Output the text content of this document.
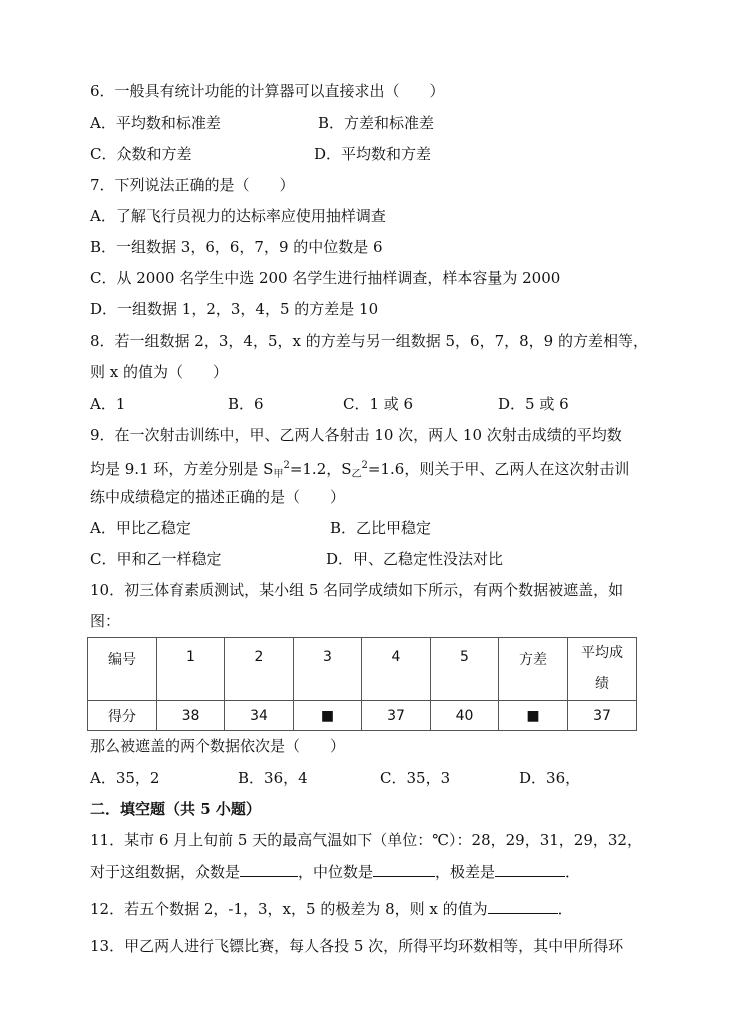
6．一般具有统计功能的计算器可以直接求出（　　）
A．平均数和标准差	B．方差和标准差
C．众数和方差	D．平均数和方差
7．下列说法正确的是（　　）
A．了解飞行员视力的达标率应使用抽样调查
B．一组数据 3，6，6，7，9 的中位数是 6
C．从 2000 名学生中选 200 名学生进行抽样调查，样本容量为 2000
D．一组数据 1，2，3，4，5 的方差是 10
8．若一组数据 2，3，4，5，x 的方差与另一组数据 5，6，7，8，9 的方差相等，
则 x 的值为（　　）
A．1	B．6	C．1 或 6	D．5 或 6
9．在一次射击训练中，甲、乙两人各射击 10 次，两人 10 次射击成绩的平均数
均是 9.1 环，方差分别是 $S_甲^2=1.2$，$S_乙^2=1.6$，则关于甲、乙两人在这次射击训
练中成绩稳定的描述正确的是（　　）
A．甲比乙稳定	B．乙比甲稳定
C．甲和乙一样稳定	D．甲、乙稳定性没法对比
10．初三体育素质测试，某小组 5 名同学成绩如下所示，有两个数据被遮盖，如
图：
编号	1	2	3	4	5	方差	平均成
绩

得分	38	34	■	37	40	■	37
那么被遮盖的两个数据依次是（　　）
A．35，2	B．36，4	C．35，3	D．36，
二．填空题（共 5 小题）
11．某市 6 月上旬前 5 天的最高气温如下（单位：℃）：28，29，31，29，32，
对于这组数据，众数是	，中位数是	，极差是	．
12．若五个数据 2，-1，3，x，5 的极差为 8，则 x 的值为	．
13．甲乙两人进行飞镖比赛，每人各投 5 次，所得平均环数相等，其中甲所得环
